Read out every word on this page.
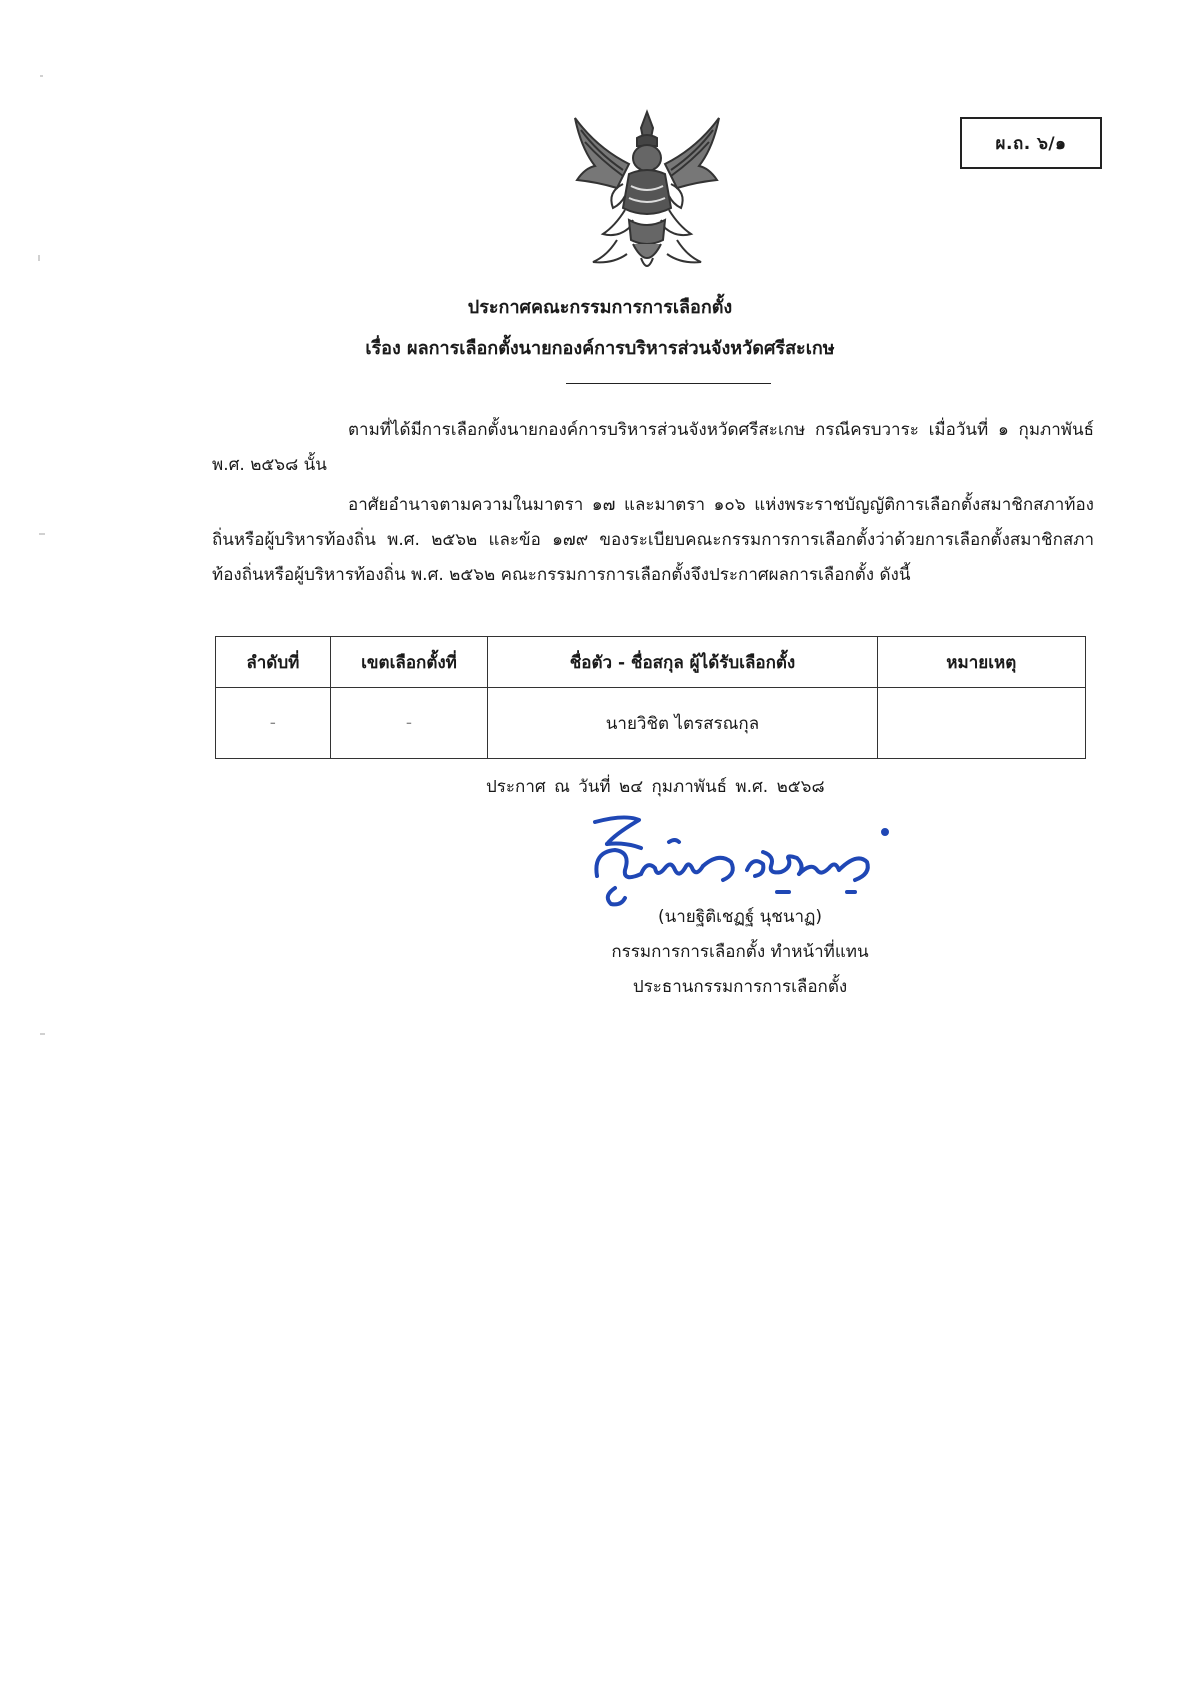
ผ.ถ. ๖/๑
ประกาศคณะกรรมการการเลือกตั้ง
เรื่อง ผลการเลือกตั้งนายกองค์การบริหารส่วนจังหวัดศรีสะเกษ
ตามที่ได้มีการเลือกตั้งนายกองค์การบริหารส่วนจังหวัดศรีสะเกษ กรณีครบวาระ เมื่อวันที่ ๑ กุมภาพันธ์ พ.ศ. ๒๕๖๘ นั้น
อาศัยอำนาจตามความในมาตรา ๑๗ และมาตรา ๑๐๖ แห่งพระราชบัญญัติการเลือกตั้งสมาชิกสภาท้องถิ่นหรือผู้บริหารท้องถิ่น พ.ศ. ๒๕๖๒ และข้อ ๑๗๙ ของระเบียบคณะกรรมการการเลือกตั้งว่าด้วยการเลือกตั้งสมาชิกสภาท้องถิ่นหรือผู้บริหารท้องถิ่น พ.ศ. ๒๕๖๒ คณะกรรมการการเลือกตั้งจึงประกาศผลการเลือกตั้ง ดังนี้
ลำดับที่	เขตเลือกตั้งที่	ชื่อตัว - ชื่อสกุล ผู้ได้รับเลือกตั้ง	หมายเหตุ
-	-	นายวิชิต ไตรสรณกุล	
ประกาศ ณ วันที่ ๒๔ กุมภาพันธ์ พ.ศ. ๒๕๖๘
(นายฐิติเชฏฐ์ นุชนาฏ)
กรรมการการเลือกตั้ง ทำหน้าที่แทน
ประธานกรรมการการเลือกตั้ง
